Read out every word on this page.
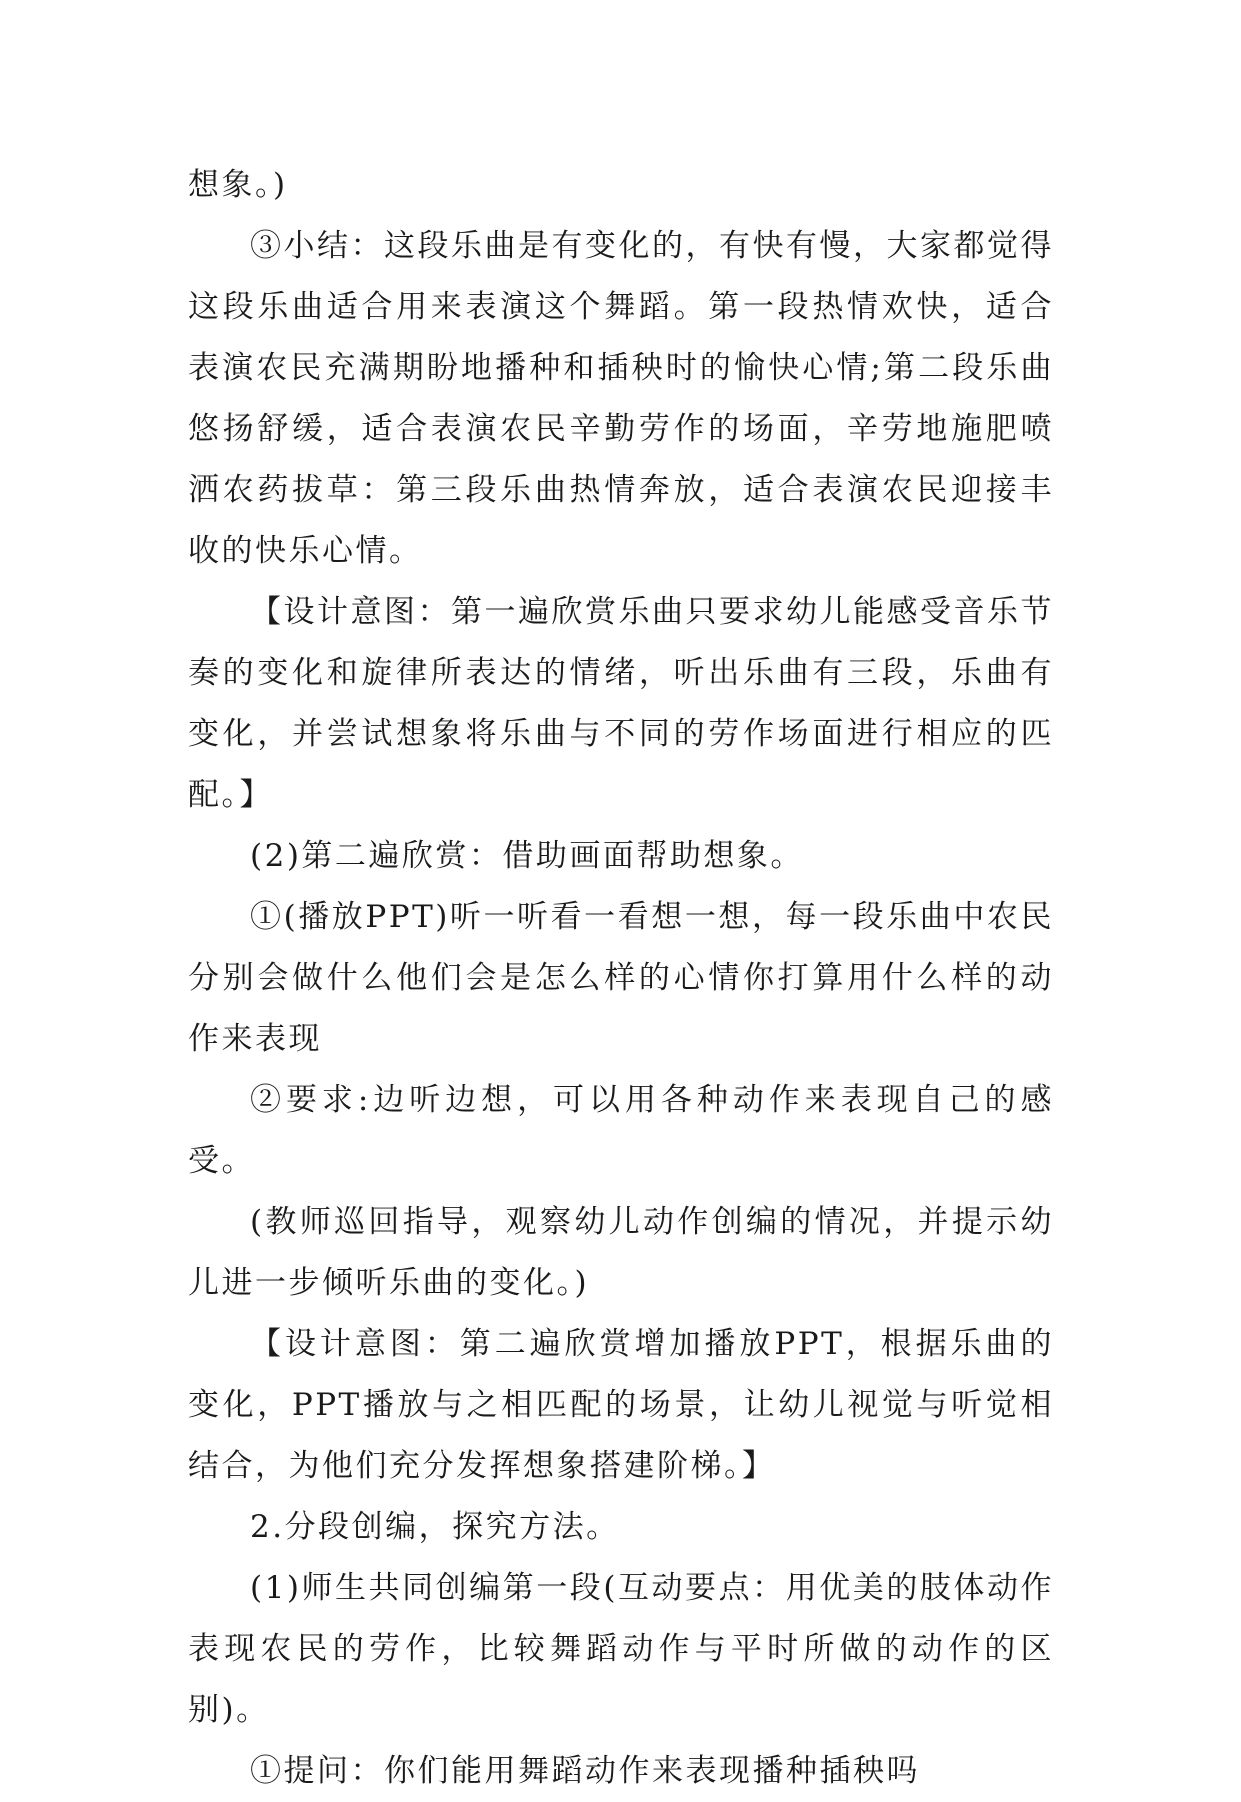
想象。)

③小结：这段乐曲是有变化的，有快有慢，大家都觉得这段乐曲适合用来表演这个舞蹈。第一段热情欢快，适合表演农民充满期盼地播种和插秧时的愉快心情;第二段乐曲悠扬舒缓，适合表演农民辛勤劳作的场面，辛劳地施肥喷洒农药拔草：第三段乐曲热情奔放，适合表演农民迎接丰收的快乐心情。

【设计意图：第一遍欣赏乐曲只要求幼儿能感受音乐节奏的变化和旋律所表达的情绪，听出乐曲有三段，乐曲有变化，并尝试想象将乐曲与不同的劳作场面进行相应的匹配。】

(2)第二遍欣赏：借助画面帮助想象。

①(播放PPT)听一听看一看想一想，每一段乐曲中农民分别会做什么他们会是怎么样的心情你打算用什么样的动作来表现

②要求:边听边想，可以用各种动作来表现自己的感受。

(教师巡回指导，观察幼儿动作创编的情况，并提示幼儿进一步倾听乐曲的变化。)

【设计意图：第二遍欣赏增加播放PPT，根据乐曲的变化，PPT播放与之相匹配的场景，让幼儿视觉与听觉相结合，为他们充分发挥想象搭建阶梯。】

2.分段创编，探究方法。

(1)师生共同创编第一段(互动要点：用优美的肢体动作表现农民的劳作，比较舞蹈动作与平时所做的动作的区别)。

①提问：你们能用舞蹈动作来表现播种插秧吗
